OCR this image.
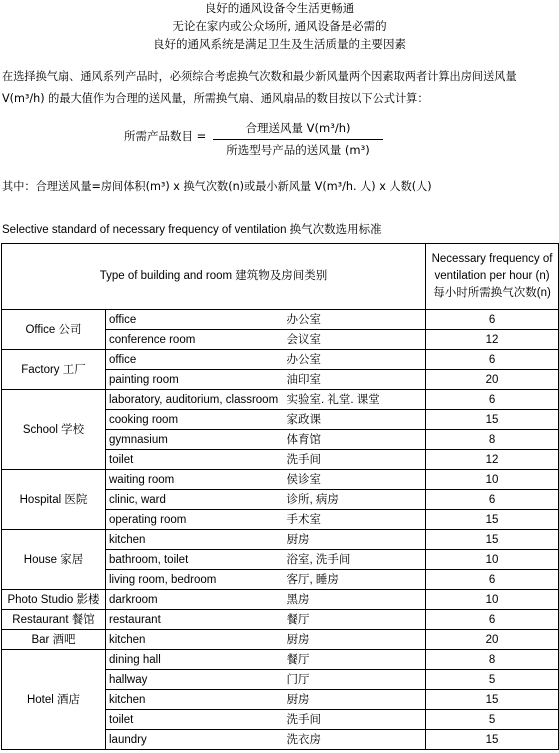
良好的通风设备令生活更畅通
无论在家内或公众场所, 通风设备是必需的
良好的通风系统是满足卫生及生活质量的主要因素
在选择换气扇、通风系列产品时，必须综合考虑换气次数和最少新风量两个因素取两者计算出房间送风量
V(m³/h) 的最大值作为合理的送风量，所需换气扇、通风扇品的数目按以下公式计算：
所需产品数目 =
合理送风量 V(m³/h)
所选型号产品的送风量 (m³)
其中：合理送风量=房间体积(m³) x 换气次数(n)或最小新风量 V(m³/h. 人) x 人数(人)
Selective standard of necessary frequency of ventilation 换气次数选用标准
Type of building and room 建筑物及房间类别			Necessary frequency of ventilation per hour (n) 每小时所需换气次数(n)
Office 公司	office	办公室	6
	conference room	会议室	12
Factory 工厂	office	办公室	6
	painting room	油印室	20
School 学校	laboratory, auditorium, classroom	实验室. 礼堂. 课堂	6
	cooking room	家政课	15
	gymnasium	体育馆	8
	toilet	洗手间	12
Hospital 医院	waiting room	侯诊室	10
	clinic, ward	诊所, 病房	6
	operating room	手术室	15
House 家居	kitchen	厨房	15
	bathroom, toilet	浴室, 洗手间	10
	living room, bedroom	客厅, 睡房	6
Photo Studio 影楼	darkroom	黑房	10
Restaurant 餐馆	restaurant	餐厅	6
Bar 酒吧	kitchen	厨房	20
Hotel 酒店	dining hall	餐厅	8
	hallway	门厅	5
	kitchen	厨房	15
	toilet	洗手间	5
	laundry	洗衣房	15
